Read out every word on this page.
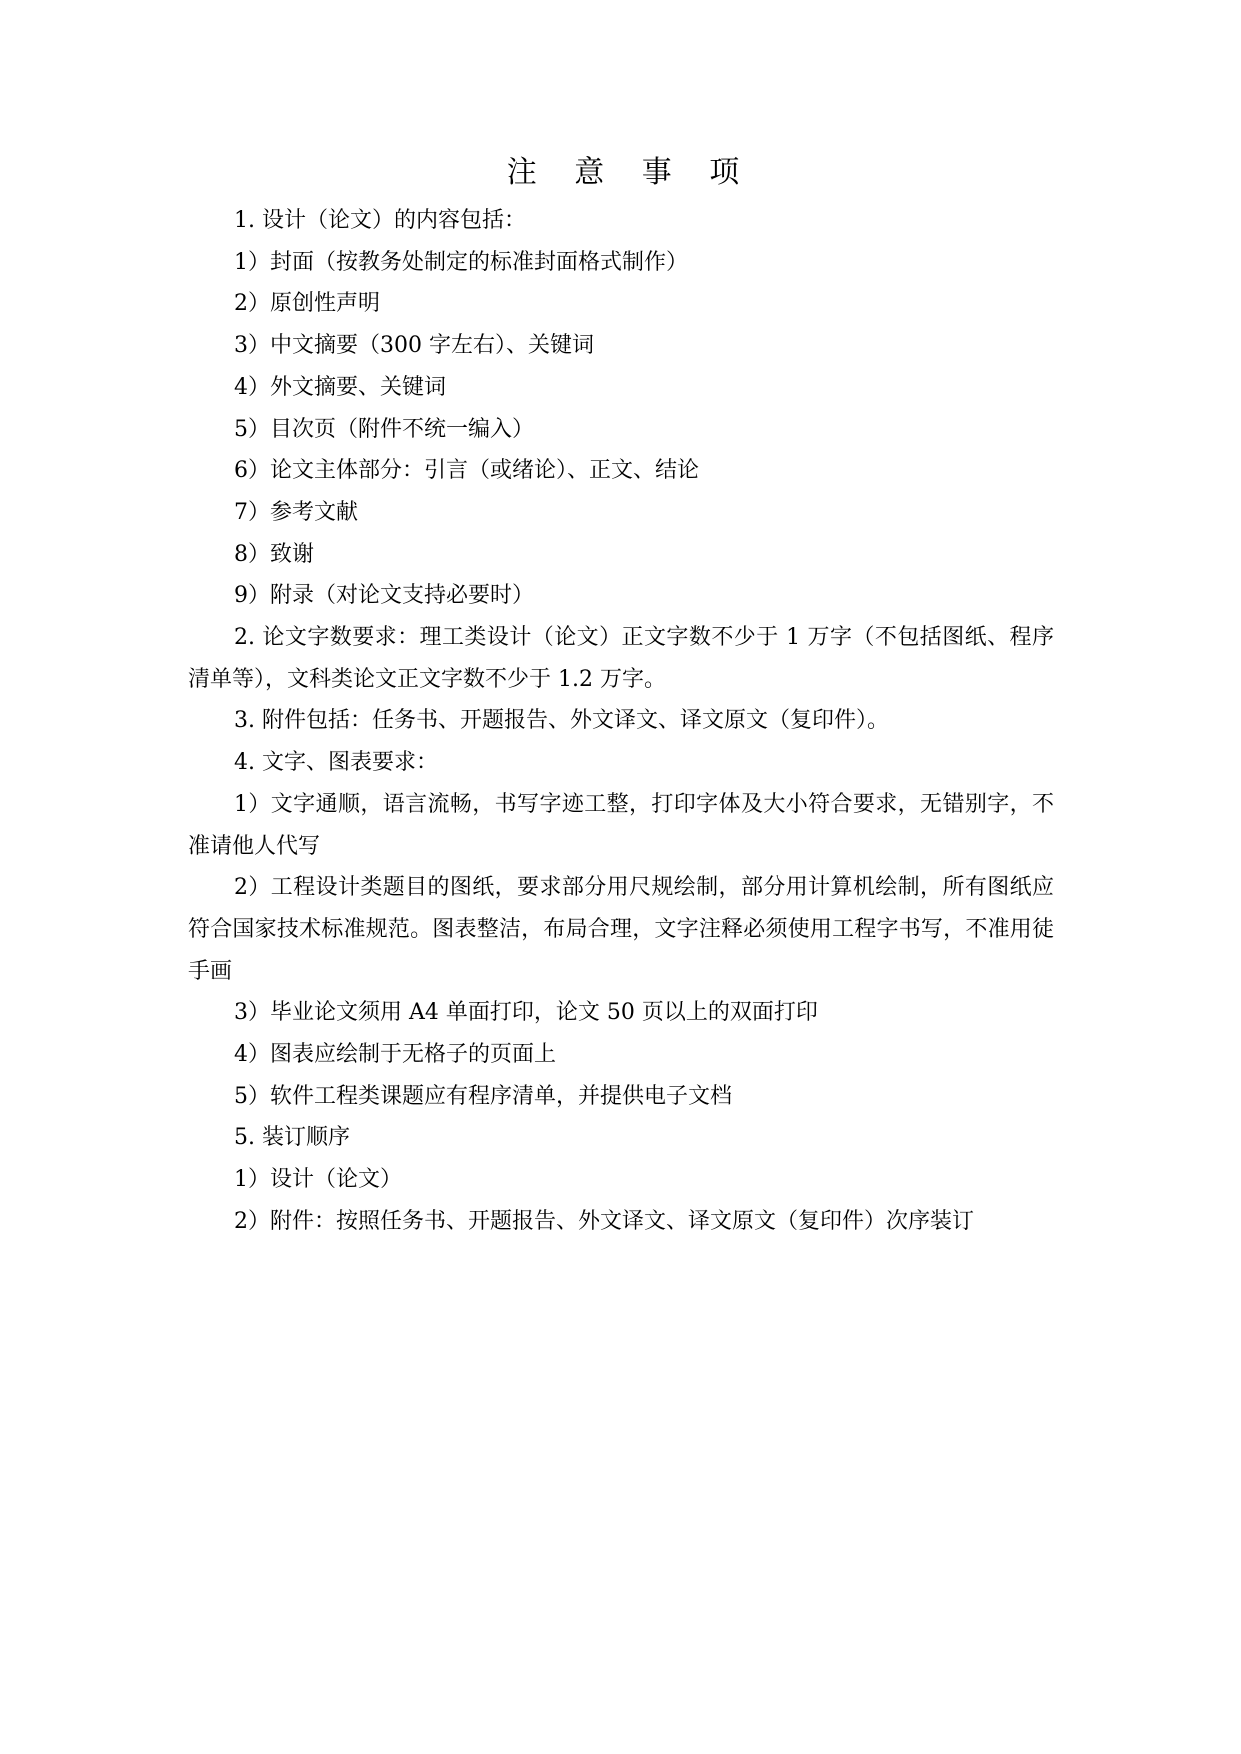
注 意 事 项

1. 设计（论文）的内容包括：

1）封面（按教务处制定的标准封面格式制作）

2）原创性声明

3）中文摘要（300 字左右）、关键词

4）外文摘要、关键词

5）目次页（附件不统一编入）

6）论文主体部分：引言（或绪论）、正文、结论

7）参考文献

8）致谢

9）附录（对论文支持必要时）

2. 论文字数要求：理工类设计（论文）正文字数不少于 1 万字（不包括图纸、程序清单等），文科类论文正文字数不少于 1.2 万字。

3. 附件包括：任务书、开题报告、外文译文、译文原文（复印件）。

4. 文字、图表要求：

1）文字通顺，语言流畅，书写字迹工整，打印字体及大小符合要求，无错别字，不准请他人代写

2）工程设计类题目的图纸，要求部分用尺规绘制，部分用计算机绘制，所有图纸应符合国家技术标准规范。图表整洁，布局合理，文字注释必须使用工程字书写，不准用徒手画

3）毕业论文须用 A4 单面打印，论文 50 页以上的双面打印

4）图表应绘制于无格子的页面上

5）软件工程类课题应有程序清单，并提供电子文档

5. 装订顺序

1）设计（论文）

2）附件：按照任务书、开题报告、外文译文、译文原文（复印件）次序装订
